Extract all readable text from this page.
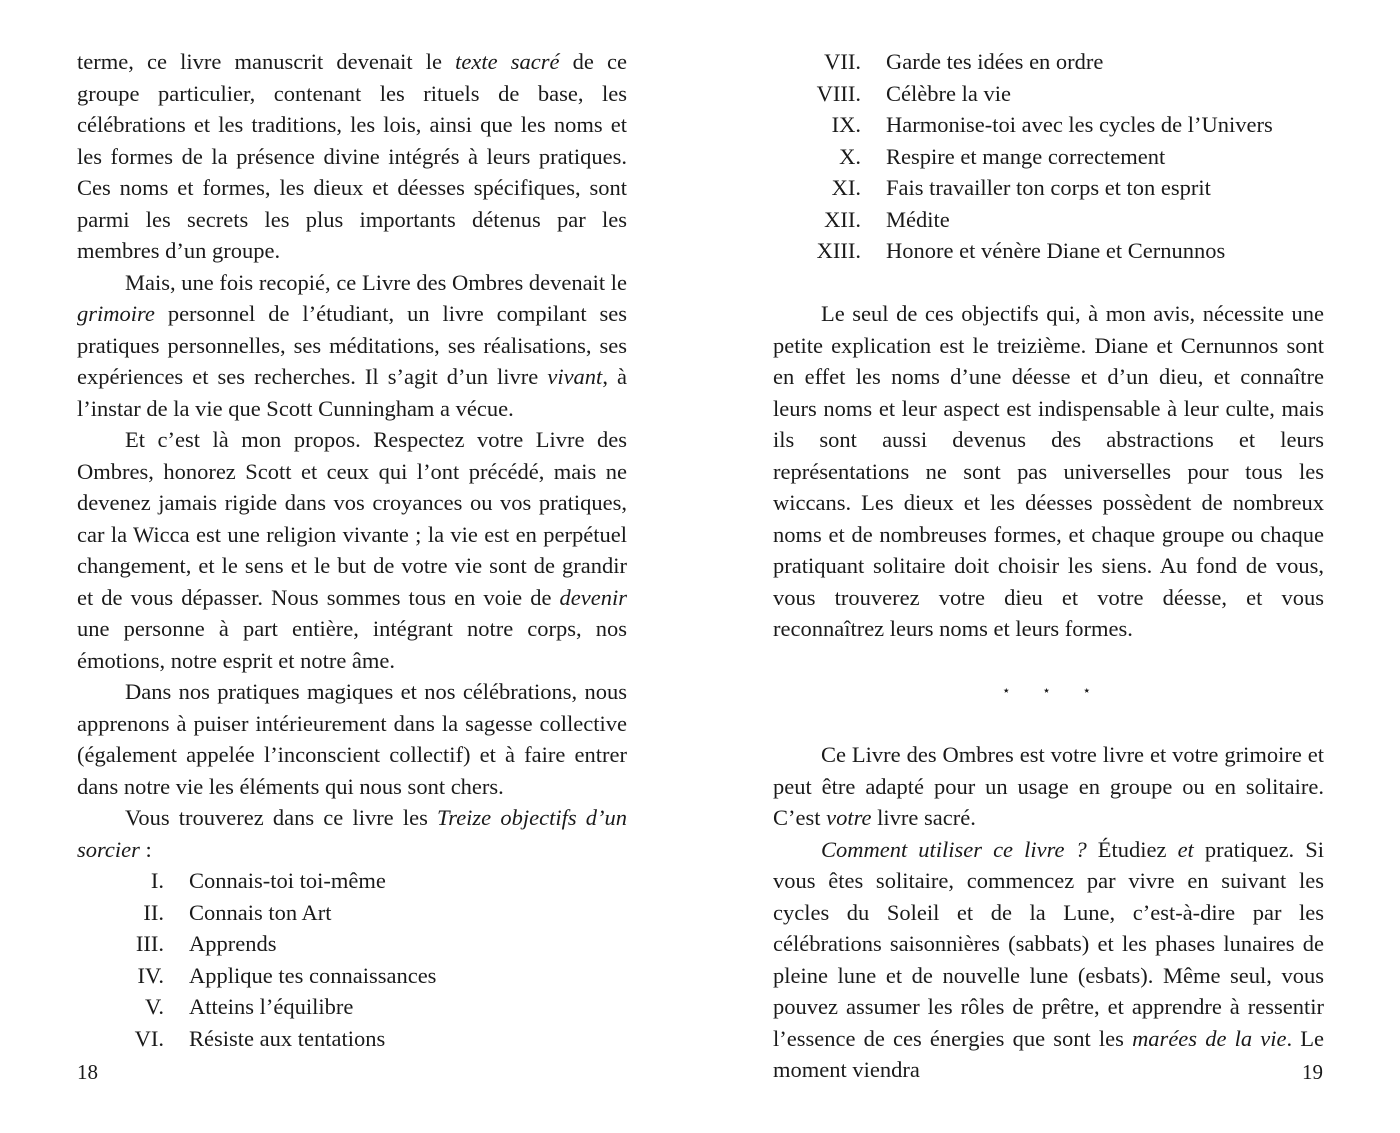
terme, ce livre manuscrit devenait le texte sacré de ce groupe particulier, contenant les rituels de base, les célébrations et les traditions, les lois, ainsi que les noms et les formes de la présence divine intégrés à leurs pratiques. Ces noms et formes, les dieux et déesses spécifiques, sont parmi les secrets les plus importants détenus par les membres d’un groupe.

Mais, une fois recopié, ce Livre des Ombres devenait le grimoire personnel de l’étudiant, un livre compilant ses pratiques personnelles, ses méditations, ses réalisations, ses expériences et ses recherches. Il s’agit d’un livre vivant, à l’instar de la vie que Scott Cunningham a vécue.

Et c’est là mon propos. Respectez votre Livre des Ombres, honorez Scott et ceux qui l’ont précédé, mais ne devenez jamais rigide dans vos croyances ou vos pratiques, car la Wicca est une religion vivante ; la vie est en perpétuel changement, et le sens et le but de votre vie sont de grandir et de vous dépasser. Nous sommes tous en voie de devenir une personne à part entière, intégrant notre corps, nos émotions, notre esprit et notre âme.

Dans nos pratiques magiques et nos célébrations, nous apprenons à puiser intérieurement dans la sagesse collective (également appelée l’inconscient collectif) et à faire entrer dans notre vie les éléments qui nous sont chers.

Vous trouverez dans ce livre les Treize objectifs d’un sorcier :

I.	Connais-toi toi-même
II.	Connais ton Art
III.	Apprends
IV.	Applique tes connaissances
V.	Atteins l’équilibre
VI.	Résiste aux tentations
18
VII.	Garde tes idées en ordre
VIII.	Célèbre la vie
IX.	Harmonise-toi avec les cycles de l’Univers
X.	Respire et mange correctement
XI.	Fais travailler ton corps et ton esprit
XII.	Médite
XIII.	Honore et vénère Diane et Cernunnos

Le seul de ces objectifs qui, à mon avis, nécessite une petite explication est le treizième. Diane et Cernunnos sont en effet les noms d’une déesse et d’un dieu, et connaître leurs noms et leur aspect est indispensable à leur culte, mais ils sont aussi devenus des abstractions et leurs représentations ne sont pas universelles pour tous les wiccans. Les dieux et les déesses possèdent de nombreux noms et de nombreuses formes, et chaque groupe ou chaque pratiquant solitaire doit choisir les siens. Au fond de vous, vous trouverez votre dieu et votre déesse, et vous reconnaîtrez leurs noms et leurs formes.

⋆ ⋆ ⋆

Ce Livre des Ombres est votre livre et votre grimoire et peut être adapté pour un usage en groupe ou en solitaire. C’est votre livre sacré.

Comment utiliser ce livre ? Étudiez et pratiquez. Si vous êtes solitaire, commencez par vivre en suivant les cycles du Soleil et de la Lune, c’est-à-dire par les célébrations saisonnières (sabbats) et les phases lunaires de pleine lune et de nouvelle lune (esbats). Même seul, vous pouvez assumer les rôles de prêtre, et apprendre à ressentir l’essence de ces énergies que sont les marées de la vie. Le moment viendra	19
